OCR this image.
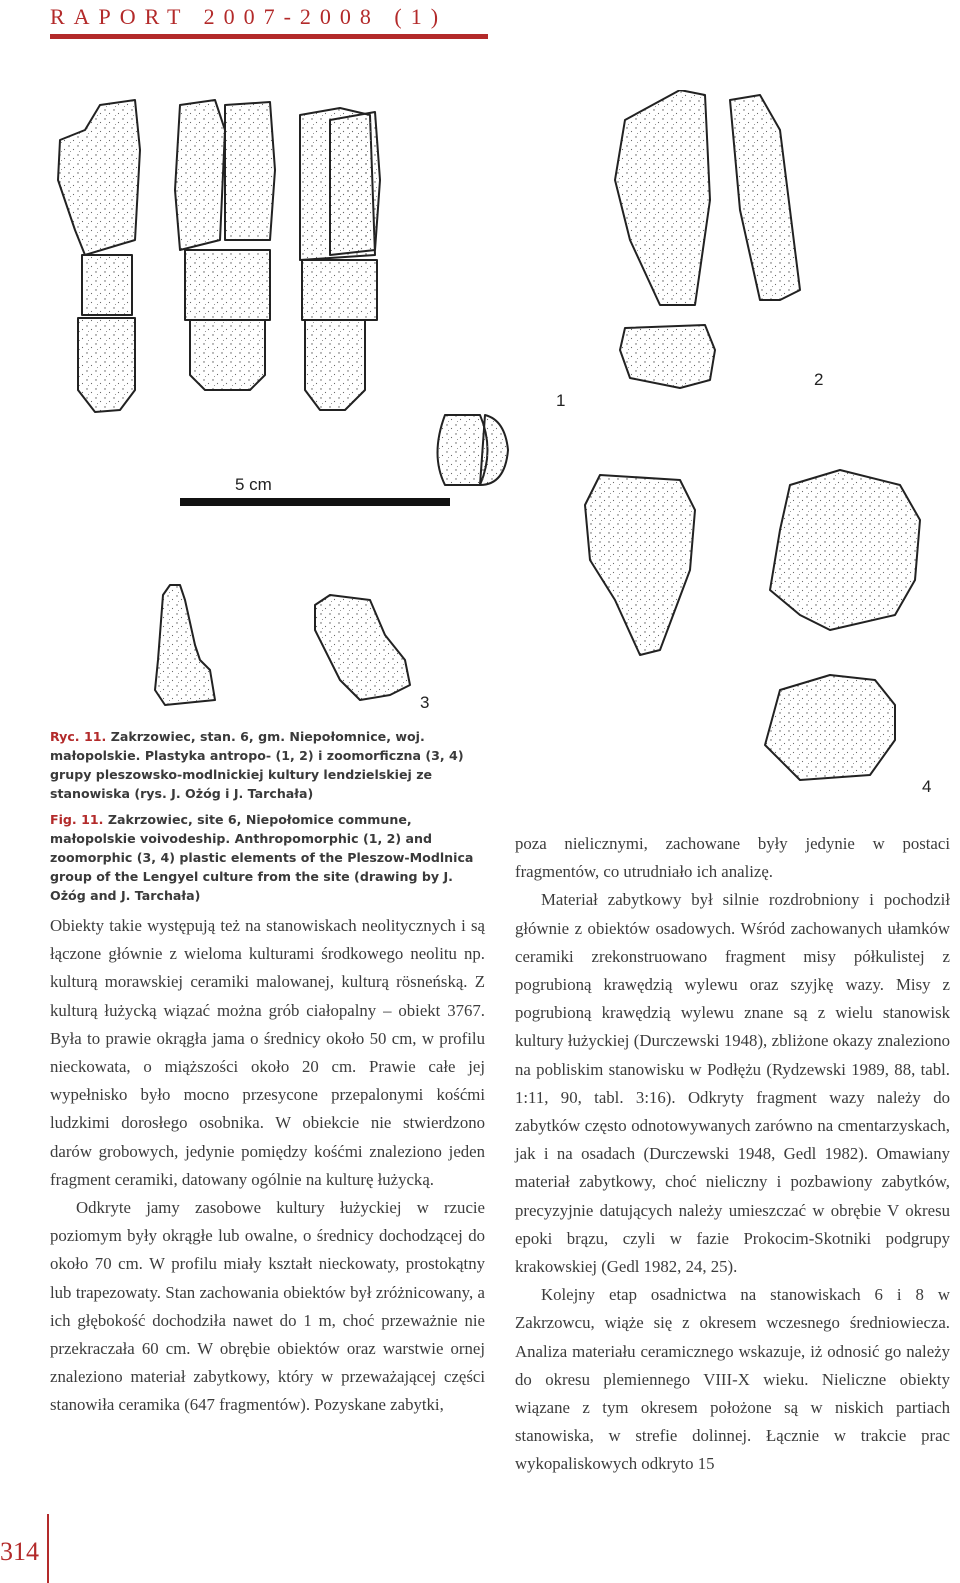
RAPORT 2007-2008 (1)
5 cm
1
2
3
4
Ryc. 11. Zakrzowiec, stan. 6, gm. Niepołomnice, woj. małopolskie. Plastyka antropo- (1, 2) i zoomorficzna (3, 4) grupy pleszowsko-modlnickiej kultury lendzielskiej ze stanowiska (rys. J. Ożóg i J. Tarchała)
Fig. 11. Zakrzowiec, site 6, Niepołomice commune, małopolskie voivodeship. Anthropomorphic (1, 2) and zoomorphic (3, 4) plastic elements of the Pleszow-Modlnica group of the Lengyel culture from the site (drawing by J. Ożóg and J. Tarchała)

Obiekty takie występują też na stanowiskach neolitycznych i są łączone głównie z wieloma kulturami środkowego neolitu np. kulturą morawskiej ceramiki malowanej, kulturą rösneńską. Z kulturą łużycką wiązać można grób ciałopalny – obiekt 3767. Była to prawie okrągła jama o średnicy około 50 cm, w profilu nieckowata, o miąższości około 20 cm. Prawie całe jej wypełnisko było mocno przesycone przepalonymi kośćmi ludzkimi dorosłego osobnika. W obiekcie nie stwierdzono darów grobowych, jedynie pomiędzy kośćmi znaleziono jeden fragment ceramiki, datowany ogólnie na kulturę łużycką.

Odkryte jamy zasobowe kultury łużyckiej w rzucie poziomym były okrągłe lub owalne, o średnicy dochodzącej do około 70 cm. W profilu miały kształt nieckowaty, prostokątny lub trapezowaty. Stan zachowania obiektów był zróżnicowany, a ich głębokość dochodziła nawet do 1 m, choć przeważnie nie przekraczała 60 cm. W obrębie obiektów oraz warstwie ornej znaleziono materiał zabytkowy, który w przeważającej części stanowiła ceramika (647 fragmentów). Pozyskane zabytki,

poza nielicznymi, zachowane były jedynie w postaci fragmentów, co utrudniało ich analizę.

Materiał zabytkowy był silnie rozdrobniony i pochodził głównie z obiektów osadowych. Wśród zachowanych ułamków ceramiki zrekonstruowano fragment misy półkulistej z pogrubioną krawędzią wylewu oraz szyjkę wazy. Misy z pogrubioną krawędzią wylewu znane są z wielu stanowisk kultury łużyckiej (Durczewski 1948), zbliżone okazy znaleziono na pobliskim stanowisku w Podłężu (Rydzewski 1989, 88, tabl. 1:11, 90, tabl. 3:16). Odkryty fragment wazy należy do zabytków często odnotowywanych zarówno na cmentarzyskach, jak i na osadach (Durczewski 1948, Gedl 1982). Omawiany materiał zabytkowy, choć nieliczny i pozbawiony zabytków, precyzyjnie datujących należy umieszczać w obrębie V okresu epoki brązu, czyli w fazie Prokocim-Skotniki podgrupy krakowskiej (Gedl 1982, 24, 25).

Kolejny etap osadnictwa na stanowiskach 6 i 8 w Zakrzowcu, wiąże się z okresem wczesnego średniowiecza. Analiza materiału ceramicznego wskazuje, iż odnosić go należy do okresu plemiennego VIII-X wieku. Nieliczne obiekty wiązane z tym okresem położone są w niskich partiach stanowiska, w strefie dolinnej. Łącznie w trakcie prac wykopaliskowych odkryto 15

314
